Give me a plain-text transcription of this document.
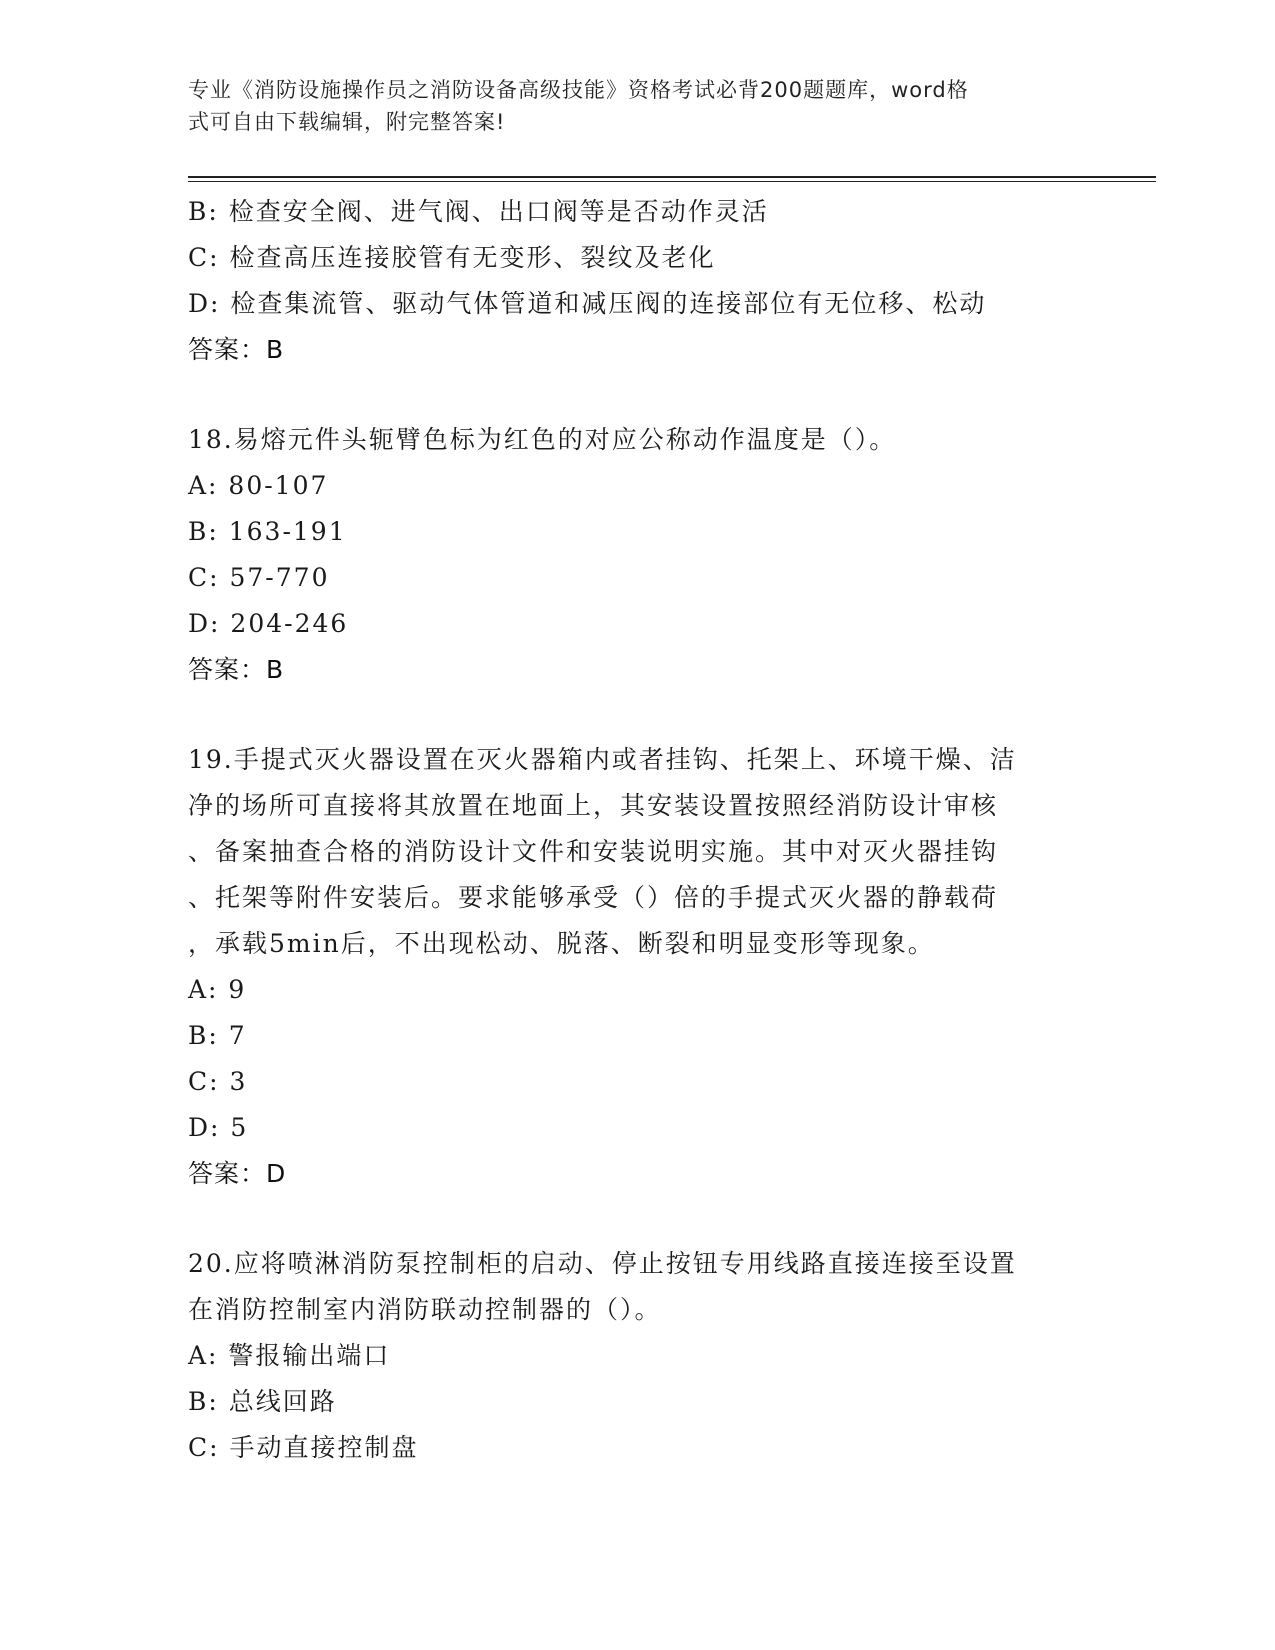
专业《消防设施操作员之消防设备高级技能》资格考试必背200题题库，word格
式可自由下载编辑，附完整答案!
B: 检查安全阀、进气阀、出口阀等是否动作灵活
C: 检查高压连接胶管有无变形、裂纹及老化
D: 检查集流管、驱动气体管道和减压阀的连接部位有无位移、松动
答案：B
18.易熔元件头轭臂色标为红色的对应公称动作温度是（）。
A: 80-107
B: 163-191
C: 57-770
D: 204-246
答案：B
19.手提式灭火器设置在灭火器箱内或者挂钩、托架上、环境干燥、洁
净的场所可直接将其放置在地面上，其安装设置按照经消防设计审核
、备案抽查合格的消防设计文件和安装说明实施。其中对灭火器挂钩
、托架等附件安装后。要求能够承受（）倍的手提式灭火器的静载荷
，承载5min后，不出现松动、脱落、断裂和明显变形等现象。
A: 9
B: 7
C: 3
D: 5
答案：D
20.应将喷淋消防泵控制柜的启动、停止按钮专用线路直接连接至设置
在消防控制室内消防联动控制器的（）。
A: 警报输出端口
B: 总线回路
C: 手动直接控制盘
